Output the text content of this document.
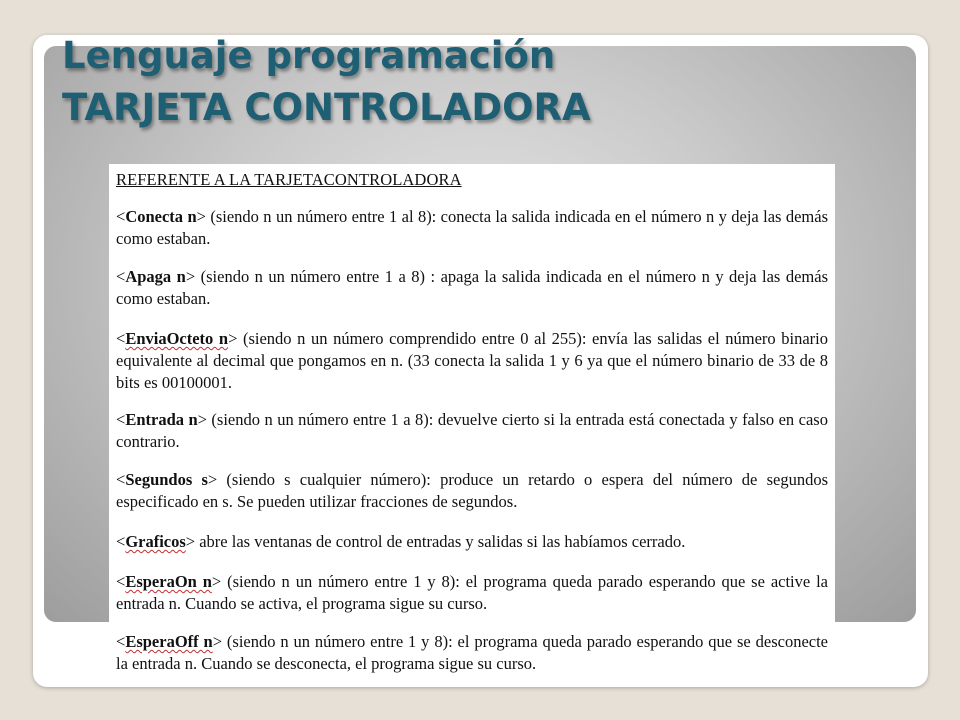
Lenguaje programación
TARJETA CONTROLADORA
REFERENTE A LA TARJETACONTROLADORA
<Conecta n> (siendo n un número entre 1 al 8): conecta la salida indicada en el número n y deja las demás como estaban.
<Apaga n> (siendo n un número entre 1 a 8) : apaga la salida indicada en el número n y deja las demás como estaban.
<EnviaOcteto n> (siendo n un número comprendido entre 0 al 255): envía las salidas el número binario equivalente al decimal que pongamos en n. (33 conecta la salida 1 y 6 ya que el número binario de 33 de 8 bits es 00100001.
<Entrada n> (siendo n un número entre 1 a 8): devuelve cierto si la entrada está conectada y falso en caso contrario.
<Segundos s> (siendo s cualquier número): produce un retardo o espera del número de segundos especificado en s. Se pueden utilizar fracciones de segundos.
<Graficos> abre las ventanas de control de entradas y salidas si las habíamos cerrado.
<EsperaOn n> (siendo n un número entre 1 y 8): el programa queda parado esperando que se active la entrada n. Cuando se activa, el programa sigue su curso.
<EsperaOff n> (siendo n un número entre 1 y 8): el programa queda parado esperando que se desconecte la entrada n. Cuando se desconecta, el programa sigue su curso.
